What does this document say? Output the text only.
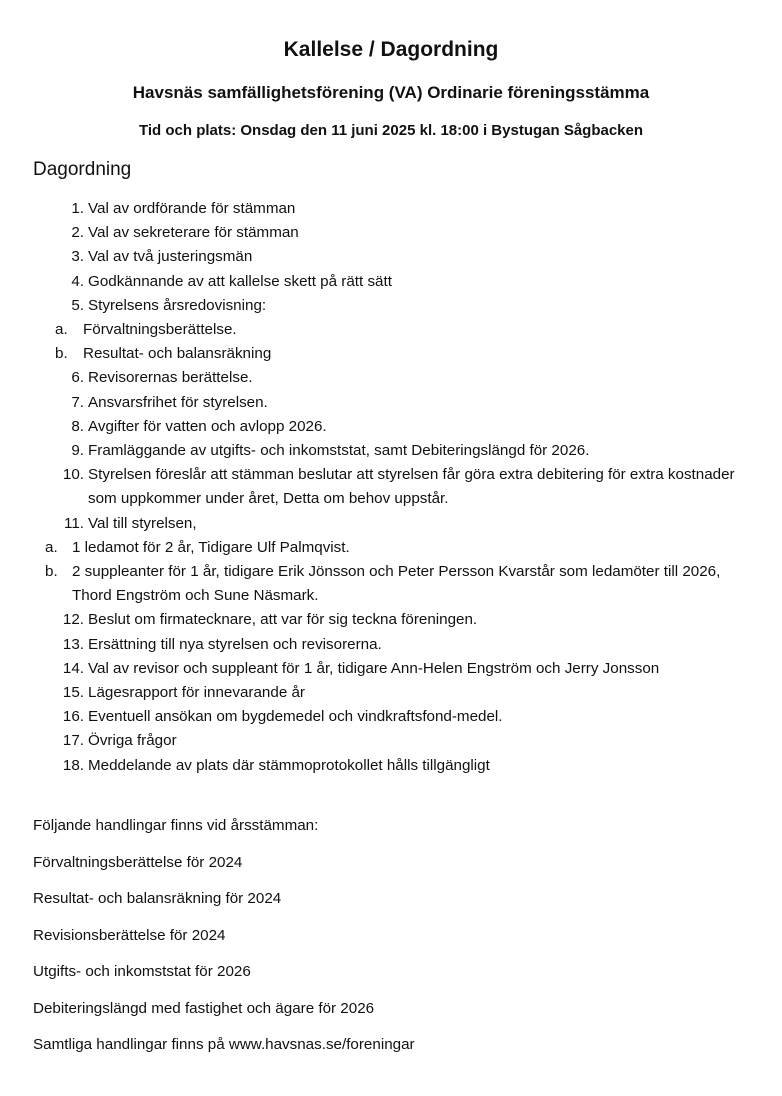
Kallelse / Dagordning
Havsnäs samfällighetsförening (VA) Ordinarie föreningsstämma

Tid och plats: Onsdag den 11 juni 2025 kl. 18:00 i Bystugan Sågbacken

Dagordning
1. Val av ordförande för stämman
2. Val av sekreterare för stämman
3. Val av två justeringsmän
4. Godkännande av att kallelse skett på rätt sätt
5. Styrelsens årsredovisning:
a.	Förvaltningsberättelse.
b.	Resultat- och balansräkning
6. Revisorernas berättelse.
7. Ansvarsfrihet för styrelsen.
8. Avgifter för vatten och avlopp 2026.
9. Framläggande av utgifts- och inkomststat, samt Debiteringslängd för 2026.
10. Styrelsen föreslår att stämman beslutar att styrelsen får göra extra debitering för extra kostnader som uppkommer under året, Detta om behov uppstår.
11. Val till styrelsen,
a. 1 ledamot för 2 år, Tidigare Ulf Palmqvist.
b. 2 suppleanter för 1 år, tidigare Erik Jönsson och Peter Persson Kvarstår som ledamöter till 2026, Thord Engström och Sune Näsmark.
12. Beslut om firmatecknare, att var för sig teckna föreningen.
13. Ersättning till nya styrelsen och revisorerna.
14. Val av revisor och suppleant för 1 år, tidigare Ann-Helen Engström och Jerry Jonsson
15. Lägesrapport för innevarande år
16. Eventuell ansökan om bygdemedel och vindkraftsfond-medel.
17. Övriga frågor
18. Meddelande av plats där stämmoprotokollet hålls tillgängligt

Följande handlingar finns vid årsstämman:

Förvaltningsberättelse för 2024

Resultat- och balansräkning för 2024

Revisionsberättelse för 2024

Utgifts- och inkomststat för 2026

Debiteringslängd med fastighet och ägare för 2026

Samtliga handlingar finns på www.havsnas.se/foreningar
